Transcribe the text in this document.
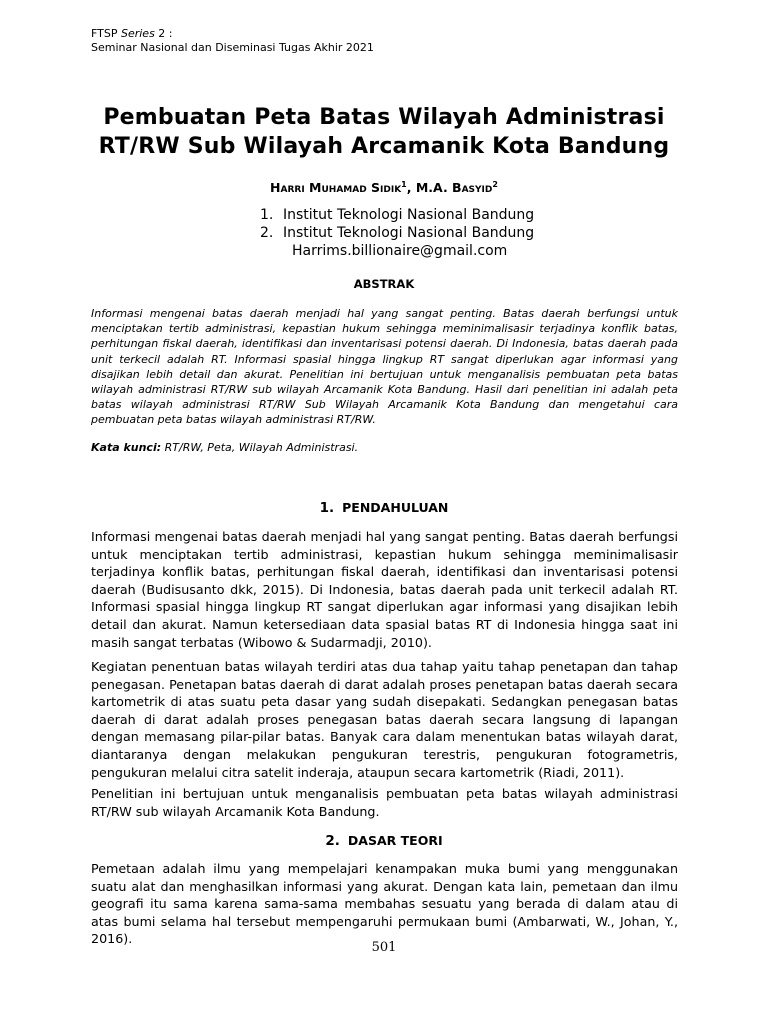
FTSP Series 2 :
Seminar Nasional dan Diseminasi Tugas Akhir 2021
Pembuatan Peta Batas Wilayah Administrasi
RT/RW Sub Wilayah Arcamanik Kota Bandung
Harri Muhamad Sidik$^1$, M.A. Basyid$^2$
1. Institut Teknologi Nasional Bandung
2. Institut Teknologi Nasional Bandung
Harrims.billionaire@gmail.com
ABSTRAK
Informasi mengenai batas daerah menjadi hal yang sangat penting. Batas daerah berfungsi untuk menciptakan tertib administrasi, kepastian hukum sehingga meminimalisasir terjadinya konflik batas, perhitungan fiskal daerah, identifikasi dan inventarisasi potensi daerah. Di Indonesia, batas daerah pada unit terkecil adalah RT. Informasi spasial hingga lingkup RT sangat diperlukan agar informasi yang disajikan lebih detail dan akurat. Penelitian ini bertujuan untuk menganalisis pembuatan peta batas wilayah administrasi RT/RW sub wilayah Arcamanik Kota Bandung. Hasil dari penelitian ini adalah peta batas wilayah administrasi RT/RW Sub Wilayah Arcamanik Kota Bandung dan mengetahui cara pembuatan peta batas wilayah administrasi RT/RW.
Kata kunci: RT/RW, Peta, Wilayah Administrasi.
1. PENDAHULUAN
Informasi mengenai batas daerah menjadi hal yang sangat penting. Batas daerah berfungsi untuk menciptakan tertib administrasi, kepastian hukum sehingga meminimalisasir terjadinya konflik batas, perhitungan fiskal daerah, identifikasi dan inventarisasi potensi daerah (Budisusanto dkk, 2015). Di Indonesia, batas daerah pada unit terkecil adalah RT. Informasi spasial hingga lingkup RT sangat diperlukan agar informasi yang disajikan lebih detail dan akurat. Namun ketersediaan data spasial batas RT di Indonesia hingga saat ini masih sangat terbatas (Wibowo & Sudarmadji, 2010).
Kegiatan penentuan batas wilayah terdiri atas dua tahap yaitu tahap penetapan dan tahap penegasan. Penetapan batas daerah di darat adalah proses penetapan batas daerah secara kartometrik di atas suatu peta dasar yang sudah disepakati. Sedangkan penegasan batas daerah di darat adalah proses penegasan batas daerah secara langsung di lapangan dengan memasang pilar-pilar batas. Banyak cara dalam menentukan batas wilayah darat, diantaranya dengan melakukan pengukuran terestris, pengukuran fotogrametris, pengukuran melalui citra satelit inderaja, ataupun secara kartometrik (Riadi, 2011).
Penelitian ini bertujuan untuk menganalisis pembuatan peta batas wilayah administrasi RT/RW sub wilayah Arcamanik Kota Bandung.
2. DASAR TEORI
Pemetaan adalah ilmu yang mempelajari kenampakan muka bumi yang menggunakan suatu alat dan menghasilkan informasi yang akurat. Dengan kata lain, pemetaan dan ilmu geografi itu sama karena sama-sama membahas sesuatu yang berada di dalam atau di atas bumi selama hal tersebut mempengaruhi permukaan bumi (Ambarwati, W., Johan, Y., 2016).
501
